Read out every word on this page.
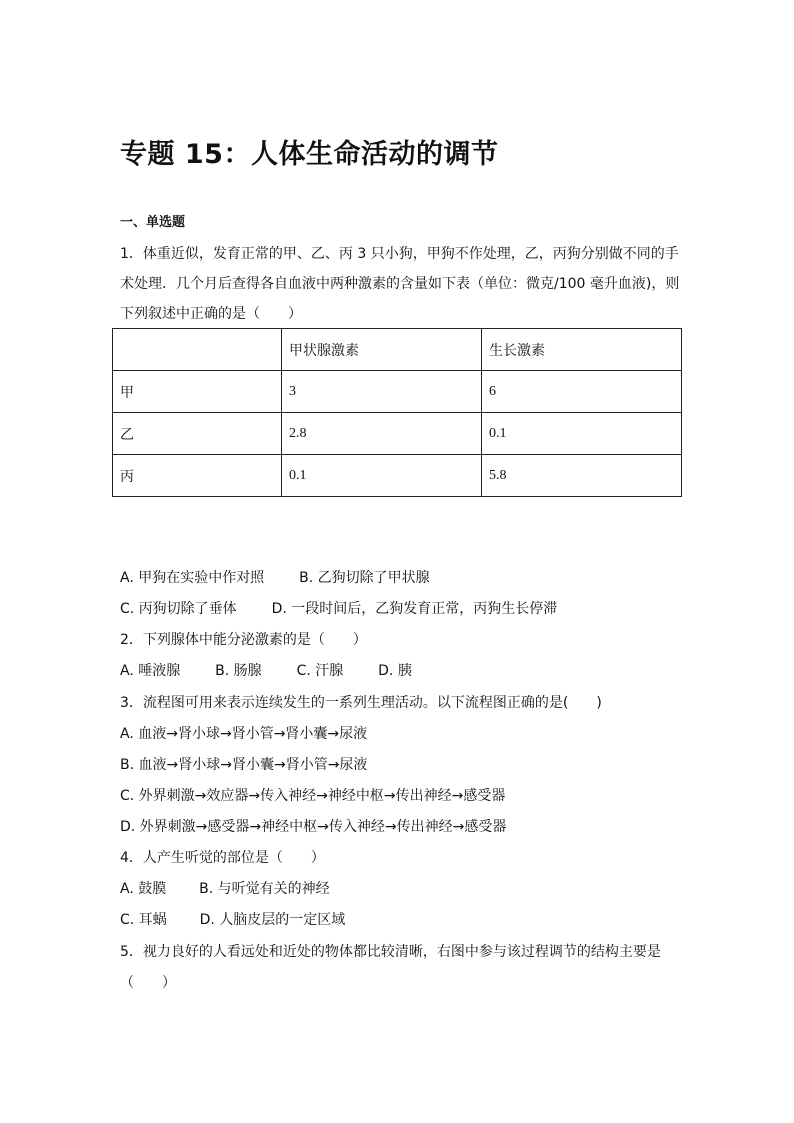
专题 15：人体生命活动的调节
一、单选题
1．体重近似，发育正常的甲、乙、丙 3 只小狗，甲狗不作处理，乙，丙狗分别做不同的手
术处理．几个月后查得各自血液中两种激素的含量如下表（单位：微克/100 毫升血液)，则
下列叙述中正确的是（　　）
	甲状腺激素	生长激素
甲	3	6
乙	2.8	0.1
丙	0.1	5.8
A. 甲狗在实验中作对照 B. 乙狗切除了甲状腺
C. 丙狗切除了垂体 D. 一段时间后，乙狗发育正常，丙狗生长停滞
2．下列腺体中能分泌激素的是（　　）
A. 唾液腺 B. 肠腺 C. 汗腺 D. 胰
3．流程图可用来表示连续发生的一系列生理活动。以下流程图正确的是(　　)
A. 血液→肾小球→肾小管→肾小囊→尿液
B. 血液→肾小球→肾小囊→肾小管→尿液
C. 外界刺激→效应器→传入神经→神经中枢→传出神经→感受器
D. 外界刺激→感受器→神经中枢→传入神经→传出神经→感受器
4．人产生听觉的部位是（　　）
A. 鼓膜 B. 与听觉有关的神经
C. 耳蜗 D. 人脑皮层的一定区域
5．视力良好的人看远处和近处的物体都比较清晰，右图中参与该过程调节的结构主要是
（　　）
